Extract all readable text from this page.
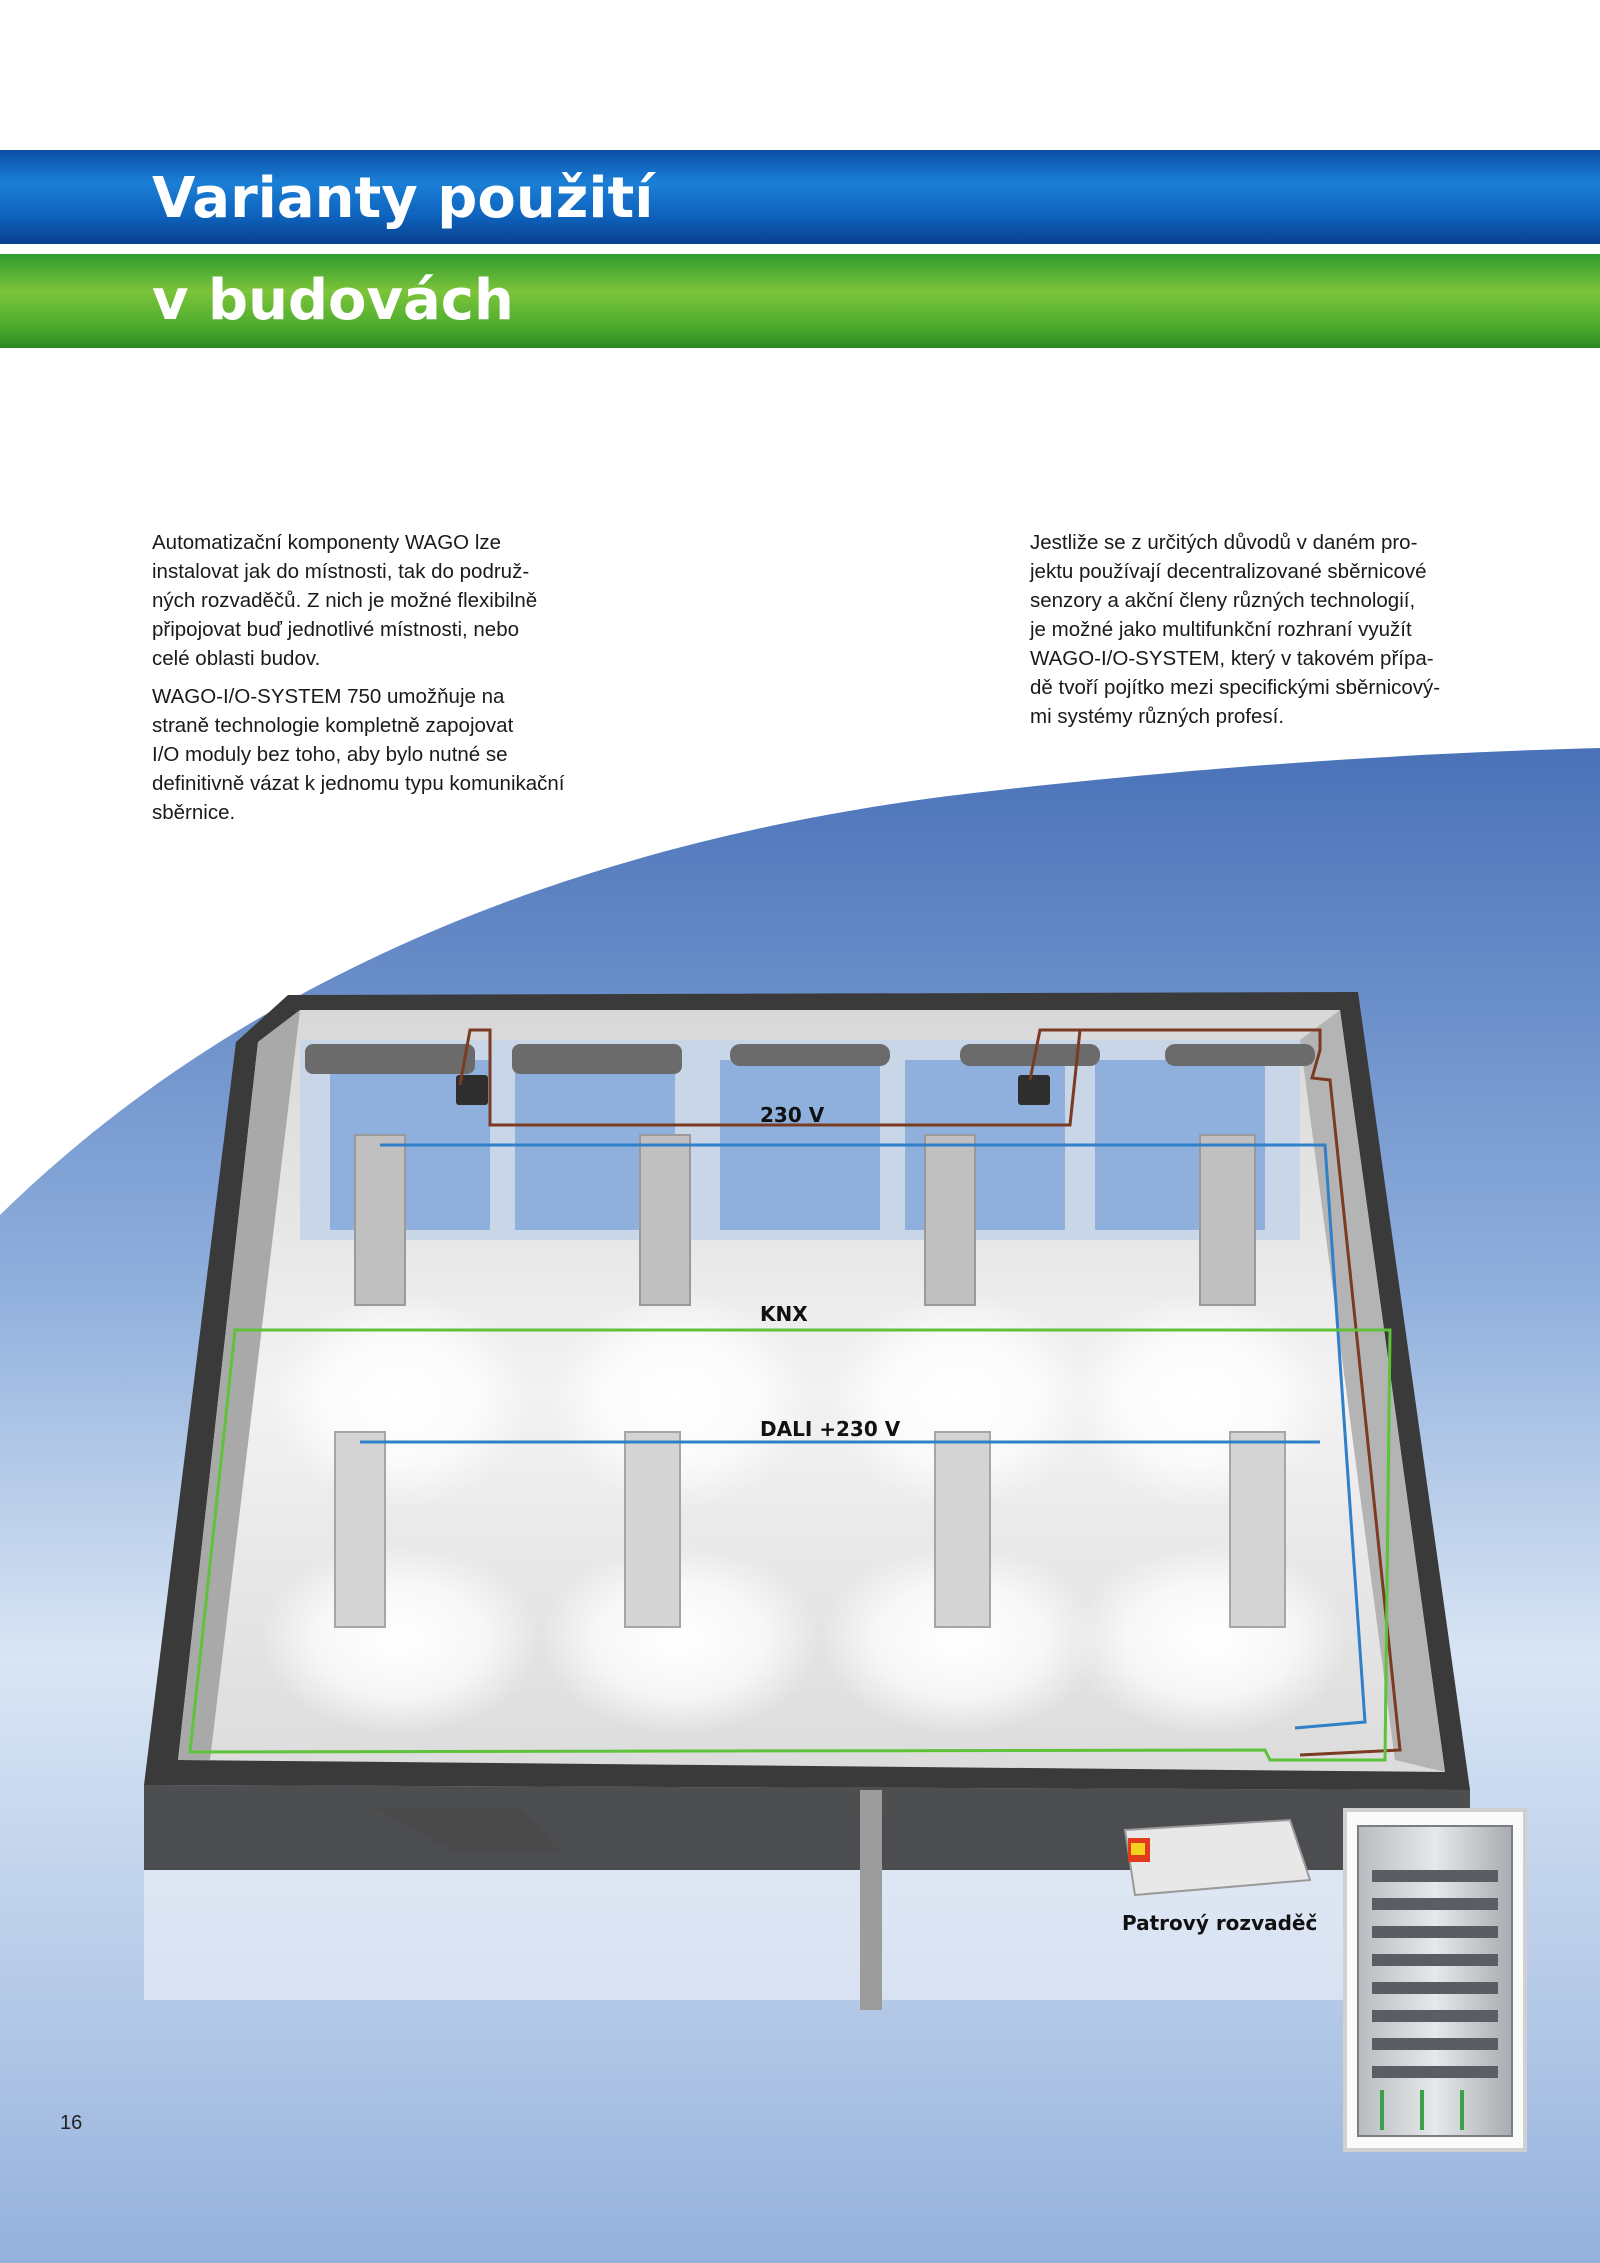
Varianty použití
v budovách
230 V
KNX
DALI +230 V
Patrový rozvaděč

Automatizační komponenty WAGO lze
instalovat jak do místnosti, tak do podruž-
ných rozvaděčů. Z nich je možné flexibilně
připojovat buď jednotlivé místnosti, nebo
celé oblasti budov.

WAGO-I/O-SYSTEM 750 umožňuje na
straně technologie kompletně zapojovat
I/O moduly bez toho, aby bylo nutné se
definitivně vázat k jednomu typu komunikační
sběrnice.

Jestliže se z určitých důvodů v daném pro-
jektu používají decentralizované sběrnicové
senzory a akční členy různých technologií,
je možné jako multifunkční rozhraní využít
WAGO-I/O-SYSTEM, který v takovém přípa-
dě tvoří pojítko mezi specifickými sběrnicový-
mi systémy různých profesí.

16
